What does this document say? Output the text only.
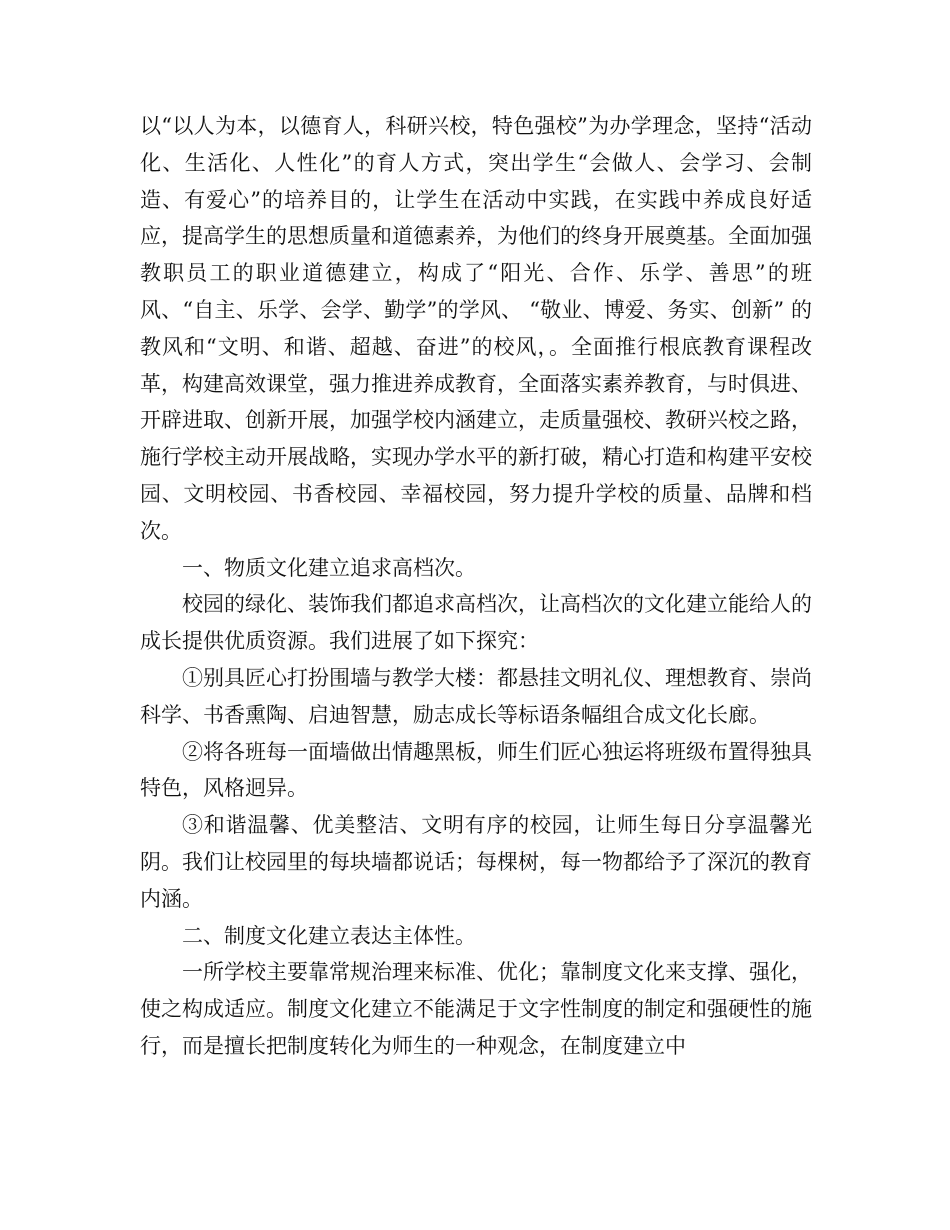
以“以人为本，以德育人，科研兴校，特色强校”为办学理念，坚持“活动化、生活化、人性化”的育人方式，突出学生“会做人、会学习、会制造、有爱心”的培养目的，让学生在活动中实践，在实践中养成良好适应，提高学生的思想质量和道德素养，为他们的终身开展奠基。全面加强教职员工的职业道德建立，构成了“阳光、合作、乐学、善思”的班风、“自主、乐学、会学、勤学”的学风、 “敬业、博爱、务实、创新” 的教风和“文明、和谐、超越、奋进”的校风，。全面推行根底教育课程改革，构建高效课堂，强力推进养成教育，全面落实素养教育，与时俱进、开辟进取、创新开展，加强学校内涵建立，走质量强校、教研兴校之路，施行学校主动开展战略，实现办学水平的新打破，精心打造和构建平安校园、文明校园、书香校园、幸福校园，努力提升学校的质量、品牌和档次。

一、物质文化建立追求高档次。

校园的绿化、装饰我们都追求高档次，让高档次的文化建立能给人的成长提供优质资源。我们进展了如下探究：

①别具匠心打扮围墙与教学大楼：都悬挂文明礼仪、理想教育、崇尚科学、书香熏陶、启迪智慧，励志成长等标语条幅组合成文化长廊。

②将各班每一面墙做出情趣黑板，师生们匠心独运将班级布置得独具特色，风格迥异。

③和谐温馨、优美整洁、文明有序的校园，让师生每日分享温馨光阴。我们让校园里的每块墙都说话；每棵树，每一物都给予了深沉的教育内涵。

二、制度文化建立表达主体性。

一所学校主要靠常规治理来标准、优化；靠制度文化来支撑、强化，使之构成适应。制度文化建立不能满足于文字性制度的制定和强硬性的施行，而是擅长把制度转化为师生的一种观念，在制度建立中
